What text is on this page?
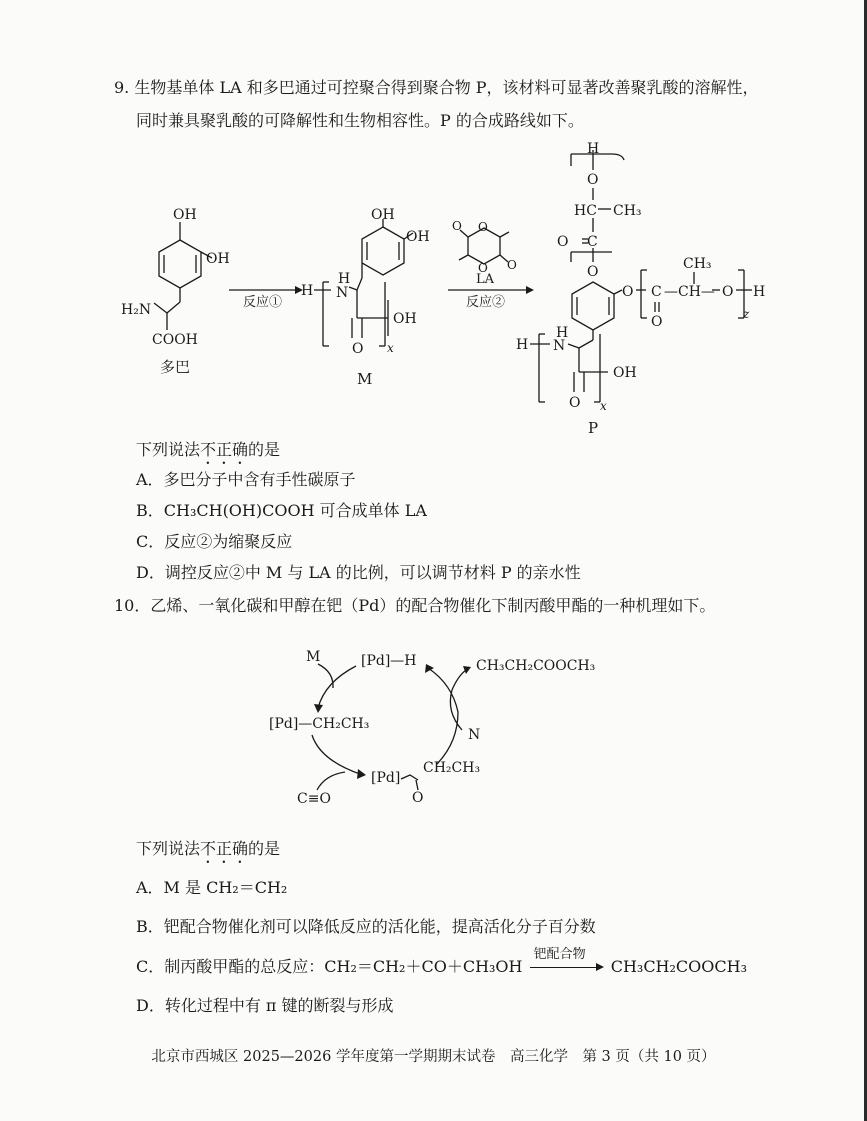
9. 生物基单体 LA 和多巴通过可控聚合得到聚合物 P，该材料可显著改善聚乳酸的溶解性，
同时兼具聚乳酸的可降解性和生物相容性。P 的合成路线如下。
OH
OH
H₂N
COOH
多巴
反应①
OH
OH
H
H
N
O
OH
x
M
O
O
O
O
LA
反应②
H
O
HC CH₃
O C
O
O C
O
—CH—
CH₃
O H
z
H
H
N
O
OH
x
P
下列说法不正确的是
A．多巴分子中含有手性碳原子
B．CH₃CH(OH)COOH 可合成单体 LA
C．反应②为缩聚反应
D．调控反应②中 M 与 LA 的比例，可以调节材料 P 的亲水性
10．乙烯、一氧化碳和甲醇在钯（Pd）的配合物催化下制丙酸甲酯的一种机理如下。
M	[Pd]—H	CH₃CH₂COOCH₃
N
[Pd]—CH₂CH₃
[Pd]
CH₂CH₃
O
C≡O
下列说法不正确的是
A．M 是 CH₂＝CH₂
B．钯配合物催化剂可以降低反应的活化能，提高活化分子百分数
C．制丙酸甲酯的总反应：CH₂＝CH₂＋CO＋CH₃OH
钯配合物
CH₃CH₂COOCH₃
D．转化过程中有 π 键的断裂与形成
北京市西城区 2025—2026 学年度第一学期期末试卷　高三化学　第 3 页（共 10 页）
